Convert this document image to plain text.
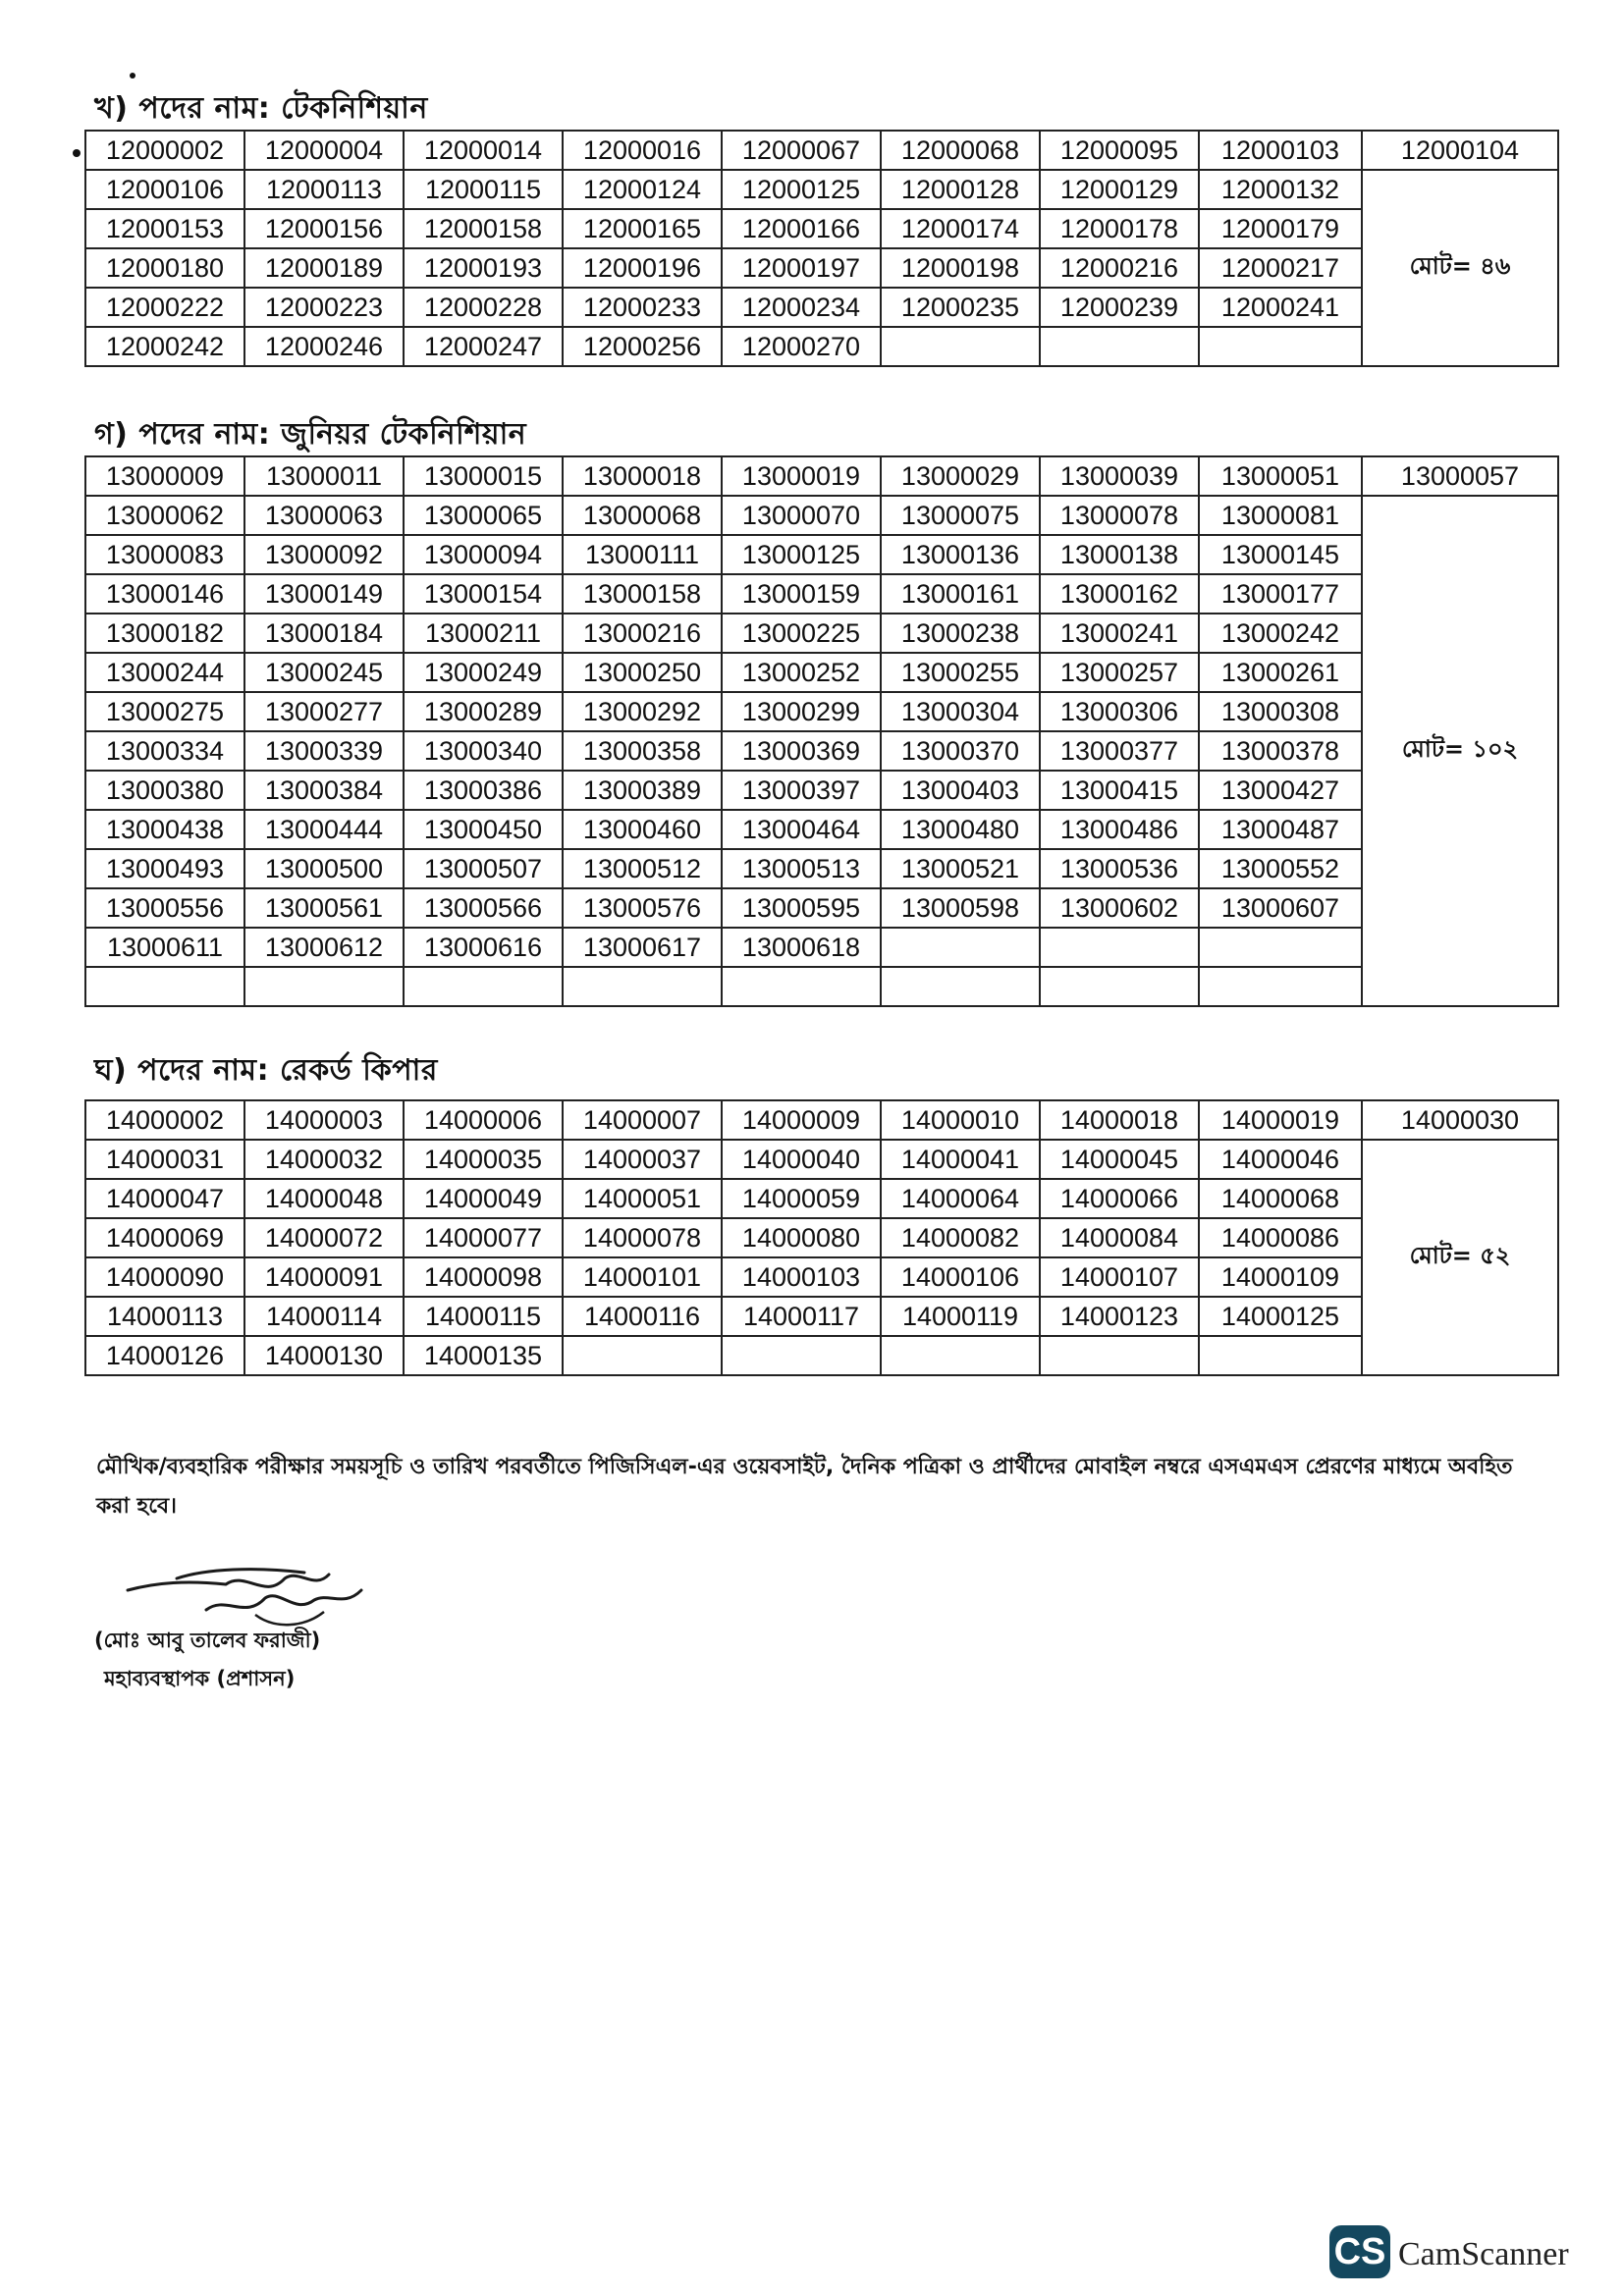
খ) পদের নাম: টেকনিশিয়ান
12000002	12000004	12000014	12000016	12000067	12000068	12000095	12000103	12000104
12000106	12000113	12000115	12000124	12000125	12000128	12000129	12000132	মোট= ৪৬
12000153	12000156	12000158	12000165	12000166	12000174	12000178	12000179	
12000180	12000189	12000193	12000196	12000197	12000198	12000216	12000217	
12000222	12000223	12000228	12000233	12000234	12000235	12000239	12000241	
12000242	12000246	12000247	12000256	12000270				
গ) পদের নাম: জুনিয়র টেকনিশিয়ান
13000009	13000011	13000015	13000018	13000019	13000029	13000039	13000051	13000057
13000062	13000063	13000065	13000068	13000070	13000075	13000078	13000081	মোট= ১০২
13000083	13000092	13000094	13000111	13000125	13000136	13000138	13000145	
13000146	13000149	13000154	13000158	13000159	13000161	13000162	13000177	
13000182	13000184	13000211	13000216	13000225	13000238	13000241	13000242	
13000244	13000245	13000249	13000250	13000252	13000255	13000257	13000261	
13000275	13000277	13000289	13000292	13000299	13000304	13000306	13000308	
13000334	13000339	13000340	13000358	13000369	13000370	13000377	13000378	
13000380	13000384	13000386	13000389	13000397	13000403	13000415	13000427	
13000438	13000444	13000450	13000460	13000464	13000480	13000486	13000487	
13000493	13000500	13000507	13000512	13000513	13000521	13000536	13000552	
13000556	13000561	13000566	13000576	13000595	13000598	13000602	13000607	
13000611	13000612	13000616	13000617	13000618				

ঘ) পদের নাম: রেকর্ড কিপার
14000002	14000003	14000006	14000007	14000009	14000010	14000018	14000019	14000030
14000031	14000032	14000035	14000037	14000040	14000041	14000045	14000046	মোট= ৫২
14000047	14000048	14000049	14000051	14000059	14000064	14000066	14000068	
14000069	14000072	14000077	14000078	14000080	14000082	14000084	14000086	
14000090	14000091	14000098	14000101	14000103	14000106	14000107	14000109	
14000113	14000114	14000115	14000116	14000117	14000119	14000123	14000125	
14000126	14000130	14000135						
মৌখিক/ব্যবহারিক পরীক্ষার সময়সূচি ও তারিখ পরবর্তীতে পিজিসিএল-এর ওয়েবসাইট, দৈনিক পত্রিকা ও প্রার্থীদের মোবাইল নম্বরে এসএমএস প্রেরণের মাধ্যমে অবহিত করা হবে।
(মোঃ আবু তালেব ফরাজী)
মহাব্যবস্থাপক (প্রশাসন)
CS CamScanner
